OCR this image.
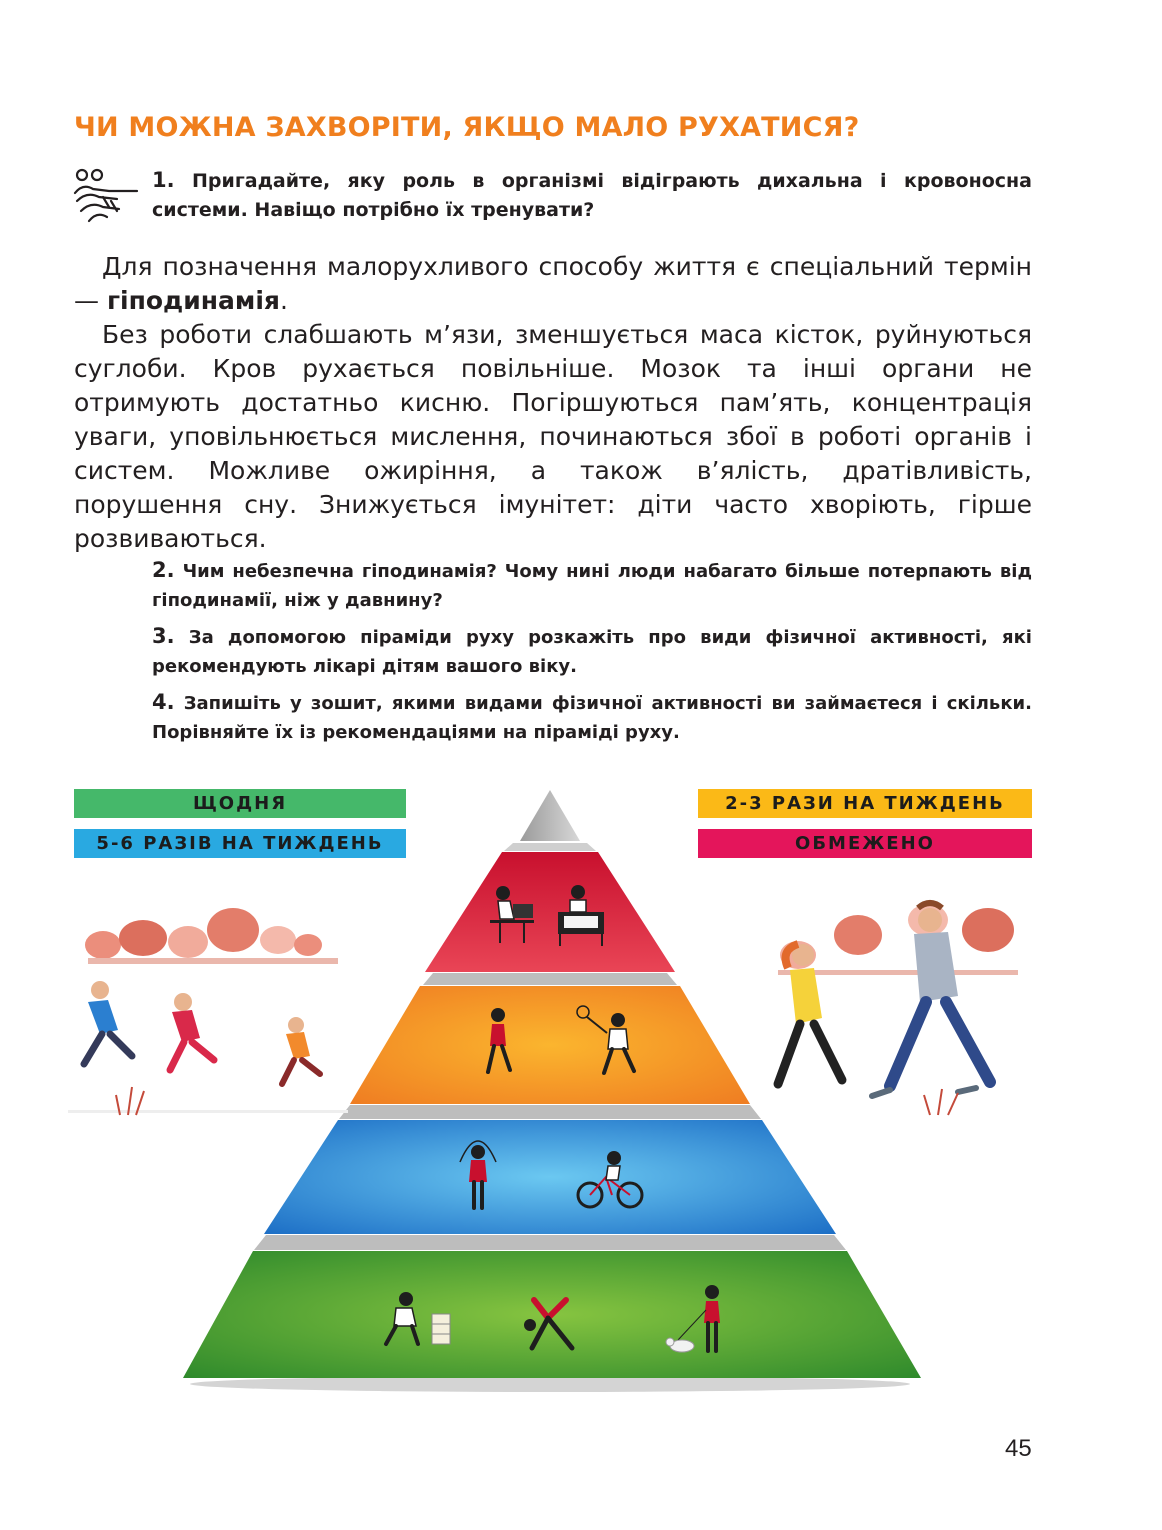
ЧИ МОЖНА ЗАХВОРІТИ, ЯКЩО МАЛО РУХАТИСЯ?
1. Пригадайте, яку роль в організмі відіграють дихальна і кровоносна системи. Навіщо потрібно їх тренувати?

Для позначення малорухливого способу життя є спеціальний термін — гіподинамія.

Без роботи слабшають м’язи, зменшується маса кісток, руйнуються суглоби. Кров рухається повільніше. Мозок та інші органи не отримують достатньо кисню. Погіршуються пам’ять, концентрація уваги, уповільнюється мислення, починаються збої в роботі органів і систем. Можливе ожиріння, а також в’ялість, дратівливість, порушення сну. Знижується імунітет: діти часто хворіють, гірше розвиваються.

2. Чим небезпечна гіподинамія? Чому нині люди набагато більше потерпають від гіподинамії, ніж у давнину?

3. За допомогою піраміди руху розкажіть про види фізичної активності, які рекомендують лікарі дітям вашого віку.

4. Запишіть у зошит, якими видами фізичної активності ви займаєтеся і скільки. Порівняйте їх із рекомендаціями на піраміді руху.

ЩОДНЯ
5-6 РАЗІВ НА ТИЖДЕНЬ
2-3 РАЗИ НА ТИЖДЕНЬ
ОБМЕЖЕНО
45
